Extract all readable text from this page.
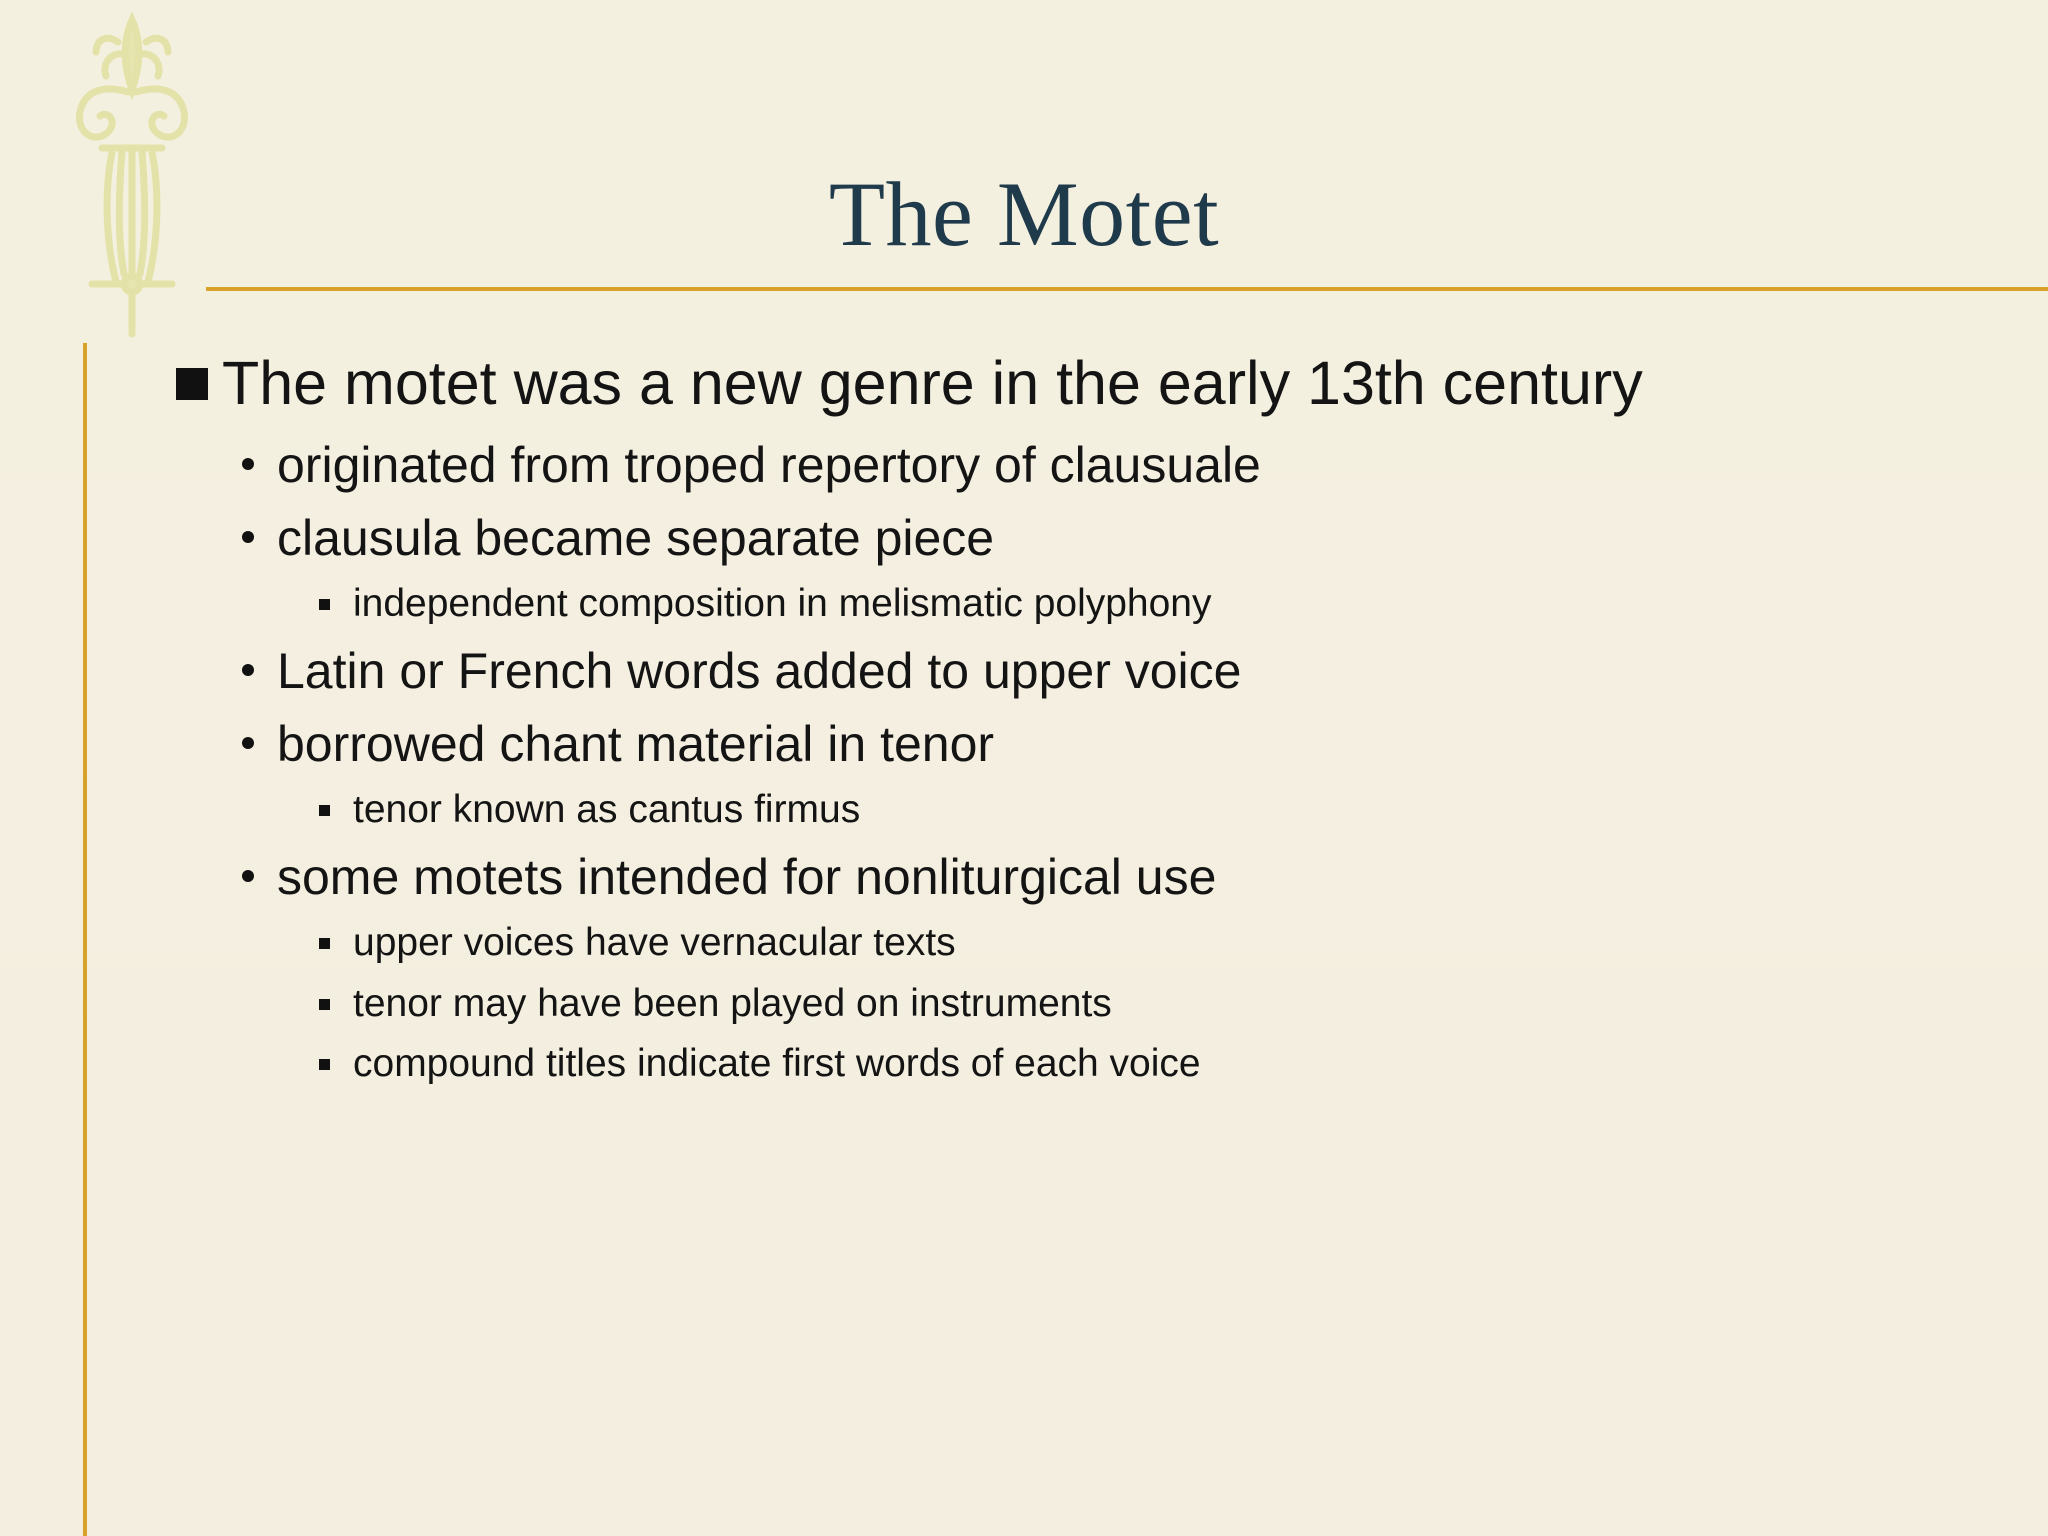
The Motet
The motet was a new genre in the early 13th century
originated from troped repertory of clausuale
clausula became separate piece
independent composition in melismatic polyphony
Latin or French words added to upper voice
borrowed chant material in tenor
tenor known as cantus firmus
some motets intended for nonliturgical use
upper voices have vernacular texts
tenor may have been played on instruments
compound titles indicate first words of each voice
